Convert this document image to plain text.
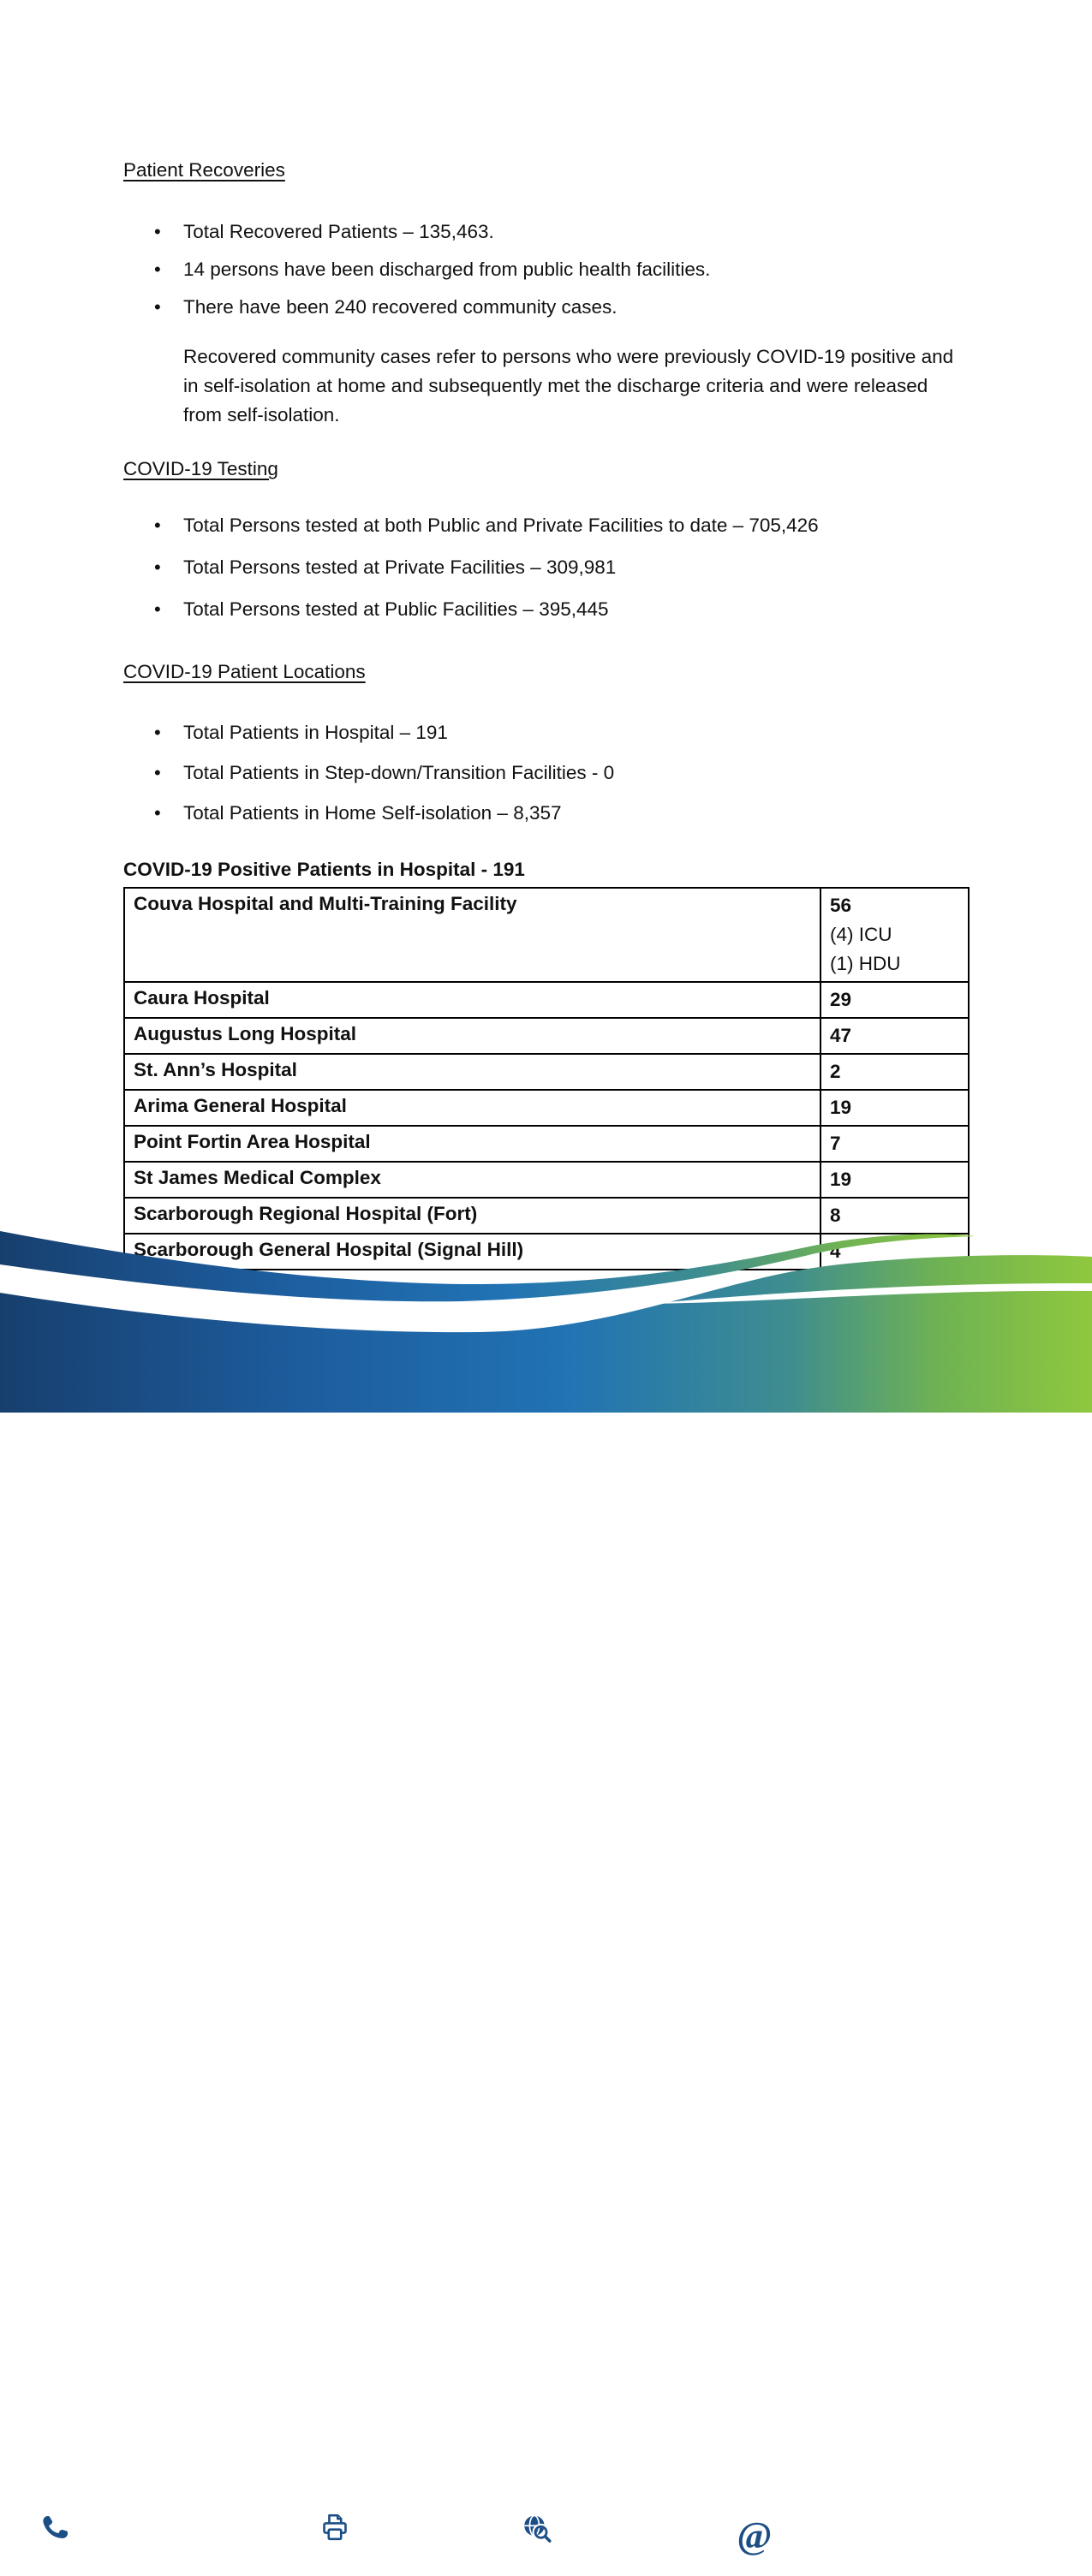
Patient Recoveries
• Total Recovered Patients – 135,463.
• 14 persons have been discharged from public health facilities.
• There have been 240 recovered community cases.

Recovered community cases refer to persons who were previously COVID-19 positive and in self-isolation at home and subsequently met the discharge criteria and were released from self-isolation.

COVID-19 Testing
• Total Persons tested at both Public and Private Facilities to date – 705,426
• Total Persons tested at Private Facilities – 309,981
• Total Persons tested at Public Facilities – 395,445
COVID-19 Patient Locations
• Total Patients in Hospital – 191
• Total Patients in Step-down/Transition Facilities - 0
• Total Patients in Home Self-isolation – 8,357
COVID-19 Positive Patients in Hospital - 191
Couva Hospital and Multi-Training Facility	56
(4) ICU
(1) HDU

Caura Hospital	29
Augustus Long Hospital	47
St. Ann’s Hospital	2
Arima General Hospital	19
Point Fortin Area Hospital	7
St James Medical Complex	19
Scarborough Regional Hospital (Fort)	8
Scarborough General Hospital (Signal Hill)	4
1(868) 627-1047/ 623-8492 or
627-0010/12/14
Ext. 1720-1725
1(868) 627-1047	www.health.gov.tt @ corporatecommunications@health.gov.tt
